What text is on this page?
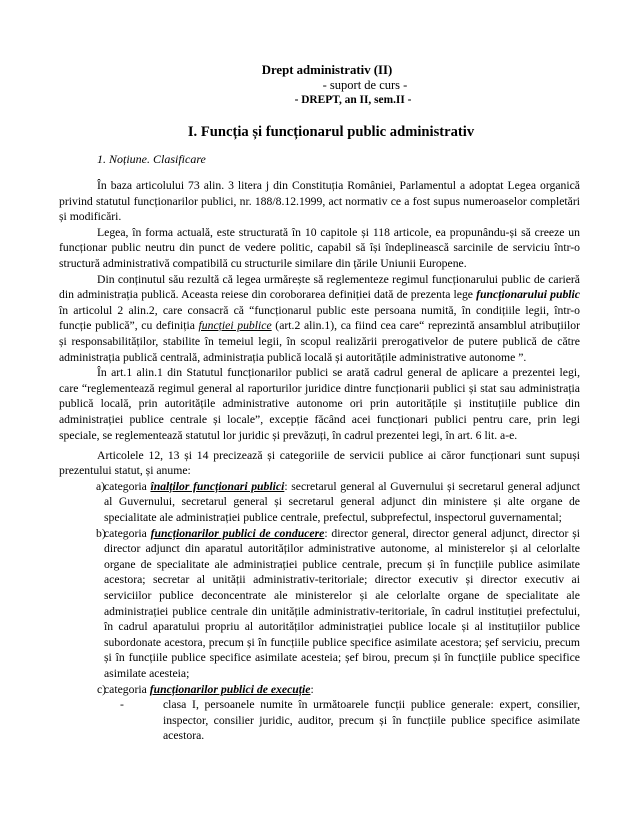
Drept administrativ (II)
- suport de curs -
- DREPT, an II, sem.II -
I. Funcția și funcționarul public administrativ
1. Noțiune. Clasificare

În baza articolului 73 alin. 3 litera j din Constituția României, Parlamentul a adoptat Legea organică privind statutul funcționarilor publici, nr. 188/8.12.1999, act normativ ce a fost supus numeroaselor completări și modificări.

Legea, în forma actuală, este structurată în 10 capitole și 118 articole, ea propunându-și să creeze un funcționar public neutru din punct de vedere politic, capabil să își îndeplinească sarcinile de serviciu într-o structură administrativă compatibilă cu structurile similare din țările Uniunii Europene.

Din conținutul său rezultă că legea urmărește să reglementeze regimul funcționarului public de carieră din administrația publică. Aceasta reiese din coroborarea definiției dată de prezenta lege funcționarului public în articolul 2 alin.2, care consacră că “funcționarul public este persoana numită, în condițiile legii, într-o funcție publică”, cu definiția funcției publice (art.2 alin.1), ca fiind cea care“ reprezintă ansamblul atribuțiilor și responsabilităților, stabilite în temeiul legii, în scopul realizării prerogativelor de putere publică de către administrația publică centrală, administrația publică locală și autoritățile administrative autonome ”.

În art.1 alin.1 din Statutul funcționarilor publici se arată cadrul general de aplicare a prezentei legi, care “reglementează regimul general al raporturilor juridice dintre funcționarii publici și stat sau administrația publică locală, prin autoritățile administrative autonome ori prin autoritățile și instituțiile publice din administrației publice centrale și locale”, excepție făcând acei funcționari publici pentru care, prin legi speciale, se reglementează statutul lor juridic și prevăzuți, în cadrul prezentei legi, în art. 6 lit. a-e.

Articolele 12, 13 și 14 precizează și categoriile de servicii publice ai căror funcționari sunt supuși prezentului statut, și anume:

a)
categoria înalților funcționari publici: secretarul general al Guvernului și secretarul general adjunct al Guvernului, secretarul general și secretarul general adjunct din ministere și alte organe de specialitate ale administrației publice centrale, prefectul, subprefectul, inspectorul guvernamental;
b)
categoria funcționarilor publici de conducere: director general, director general adjunct, director și director adjunct din aparatul autorităților administrative autonome, al ministerelor și al celorlalte organe de specialitate ale administrației publice centrale, precum și în funcțiile publice asimilate acestora; secretar al unității administrativ-teritoriale; director executiv și director executiv ai serviciilor publice deconcentrate ale ministerelor și ale celorlalte organe de specialitate ale administrației publice centrale din unitățile administrativ-teritoriale, în cadrul instituției prefectului, în cadrul aparatului propriu al autorităților administrației publice locale și al instituțiilor publice subordonate acestora, precum și în funcțiile publice specifice asimilate acestora; șef serviciu, precum și în funcțiile publice specifice asimilate acesteia; șef birou, precum și în funcțiile publice specifice asimilate acesteia;
c)
categoria funcționarilor publici de execuție:
-	clasa I, persoanele numite în următoarele funcții publice generale: expert, consilier, inspector, consilier juridic, auditor, precum și în funcțiile publice specifice asimilate acestora.
